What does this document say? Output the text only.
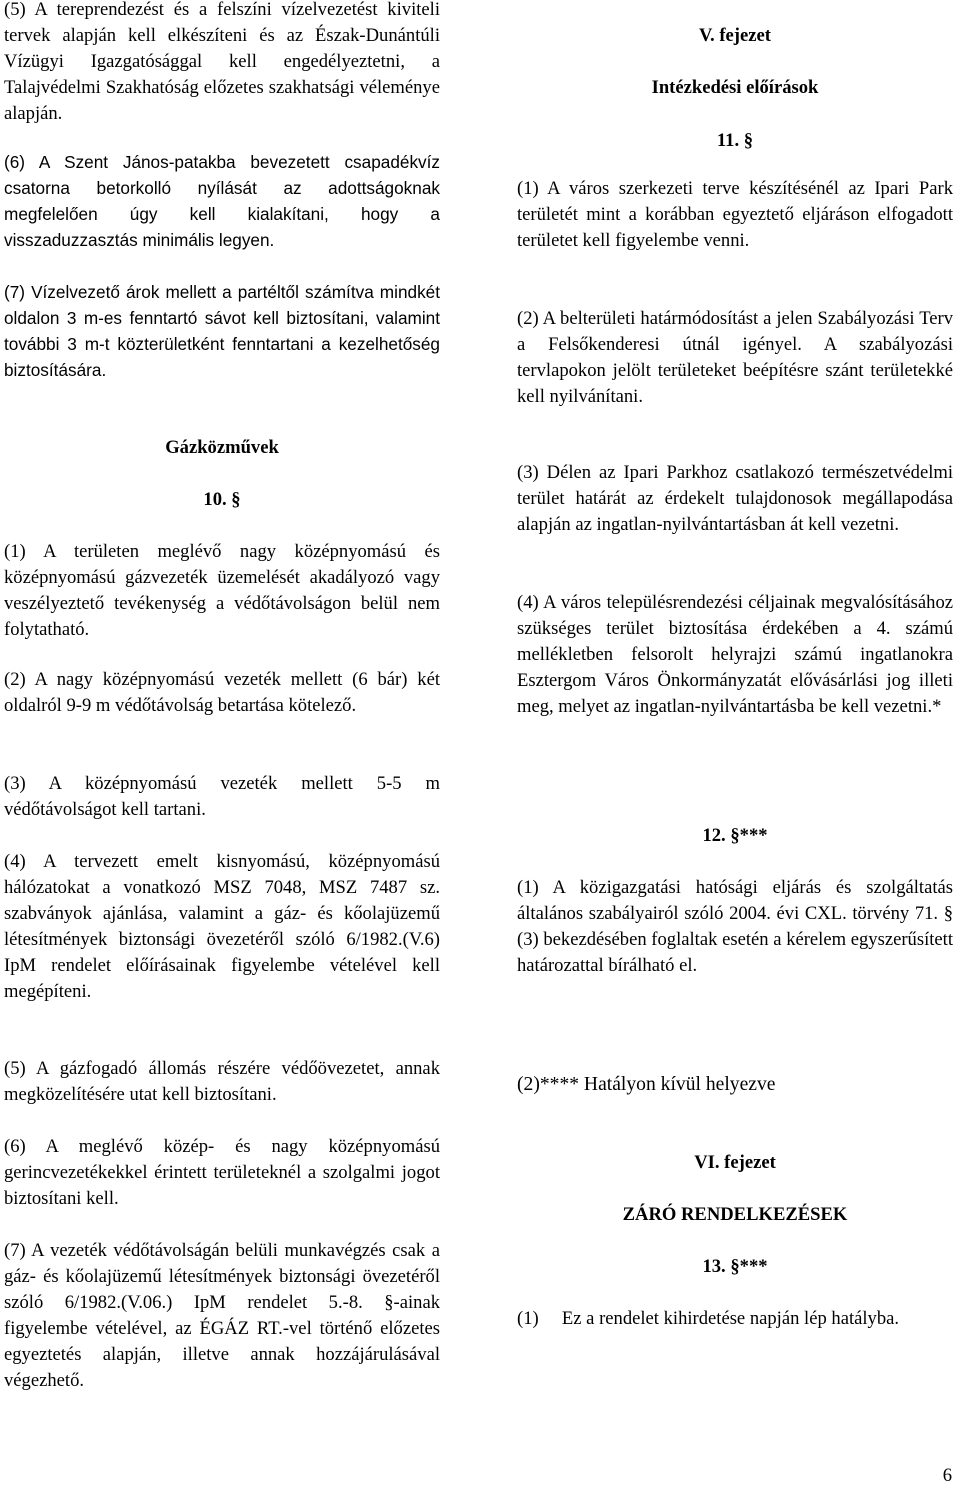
(5) A tereprendezést és a felszíni vízelvezetést kiviteli tervek alapján kell elkészíteni és az Észak-Dunántúli Vízügyi Igazgatósággal kell engedélyeztetni, a Talajvédelmi Szakhatóság előzetes szakhatsági véleménye alapján.

(6) A Szent János-patakba bevezetett csapadékvíz csatorna betorkolló nyílását az adottságoknak megfelelően úgy kell kialakítani, hogy a visszaduzzasztás minimális legyen.

(7) Vízelvezető árok mellett a partéltől számítva mindkét oldalon 3 m-es fenntartó sávot kell biztosítani, valamint további 3 m-t közterületként fenntartani a kezelhetőség biztosítására.

Gázközművek

10. §

(1) A területen meglévő nagy középnyomású és középnyomású gázvezeték üzemelését akadályozó vagy veszélyeztető tevékenység a védőtávolságon belül nem folytatható.

(2) A nagy középnyomású vezeték mellett (6 bár) két oldalról 9-9 m védőtávolság betartása kötelező.

(3) A középnyomású vezeték mellett 5-5 m védőtávolságot kell tartani.

(4) A tervezett emelt kisnyomású, középnyomású hálózatokat a vonatkozó MSZ 7048, MSZ 7487 sz. szabványok ajánlása, valamint a gáz- és kőolajüzemű létesítmények biztonsági övezetéről szóló 6/1982.(V.6) IpM rendelet előírásainak figyelembe vételével kell megépíteni.

(5) A gázfogadó állomás részére védőövezetet, annak megközelítésére utat kell biztosítani.

(6) A meglévő közép- és nagy középnyomású gerincvezetékekkel érintett területeknél a szolgalmi jogot biztosítani kell.

(7) A vezeték védőtávolságán belüli munkavégzés csak a gáz- és kőolajüzemű létesítmények biztonsági övezetéről szóló 6/1982.(V.06.) IpM rendelet 5.-8. §-ainak figyelembe vételével, az ÉGÁZ RT.-vel történő előzetes egyeztetés alapján, illetve annak hozzájárulásával végezhető.

V. fejezet

Intézkedési előírások

11. §

(1) A város szerkezeti terve készítésénél az Ipari Park területét mint a korábban egyeztető eljáráson elfogadott területet kell figyelembe venni.

(2) A belterületi határmódosítást a jelen Szabályozási Terv a Felsőkenderesi útnál igényel. A szabályozási tervlapokon jelölt területeket beépítésre szánt területekké kell nyilvánítani.

(3) Délen az Ipari Parkhoz csatlakozó természetvédelmi terület határát az érdekelt tulajdonosok megállapodása alapján az ingatlan-nyilvántartásban át kell vezetni.

(4) A város településrendezési céljainak megvalósításához szükséges terület biztosítása érdekében a 4. számú mellékletben felsorolt helyrajzi számú ingatlanokra Esztergom Város Önkormányzatát elővásárlási jog illeti meg, melyet az ingatlan-nyilvántartásba be kell vezetni.*

12. §***

(1) A közigazgatási hatósági eljárás és szolgáltatás általános szabályairól szóló 2004. évi CXL. törvény 71. § (3) bekezdésében foglaltak esetén a kérelem egyszerűsített határozattal bírálható el.

(2)**** Hatályon kívül helyezve

VI. fejezet

ZÁRÓ RENDELKEZÉSEK

13. §***

(1)     Ez a rendelet kihirdetése napján lép hatályba.

6
